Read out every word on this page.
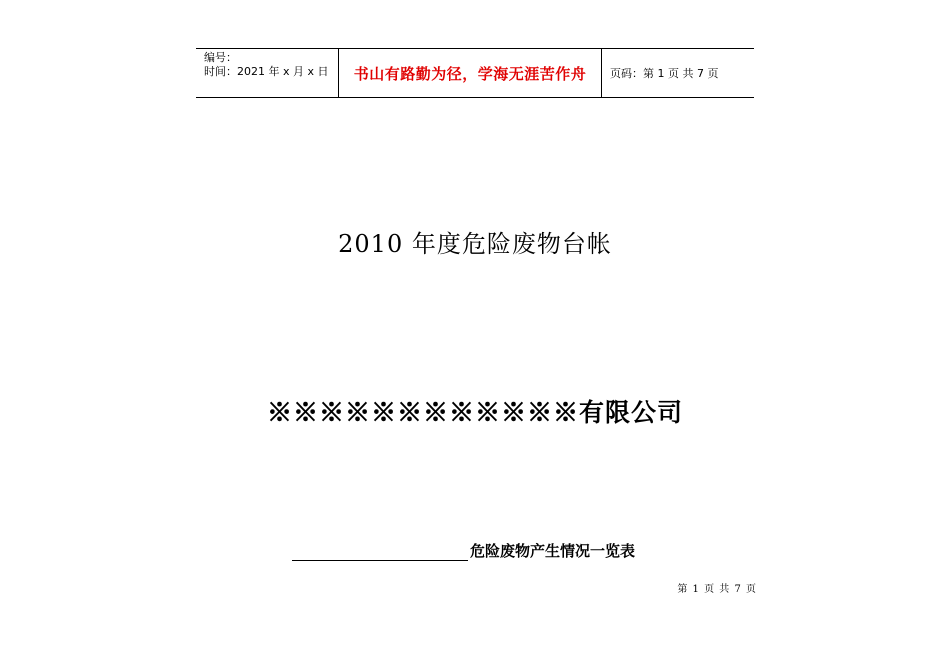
编号：
时间：2021 年 x 月 x 日	书山有路勤为径，学海无涯苦作舟 页码：第 1 页 共 7 页
2010 年度危险废物台帐
※※※※※※※※※※※※有限公司
危险废物产生情况一览表
第 1 页 共 7 页
